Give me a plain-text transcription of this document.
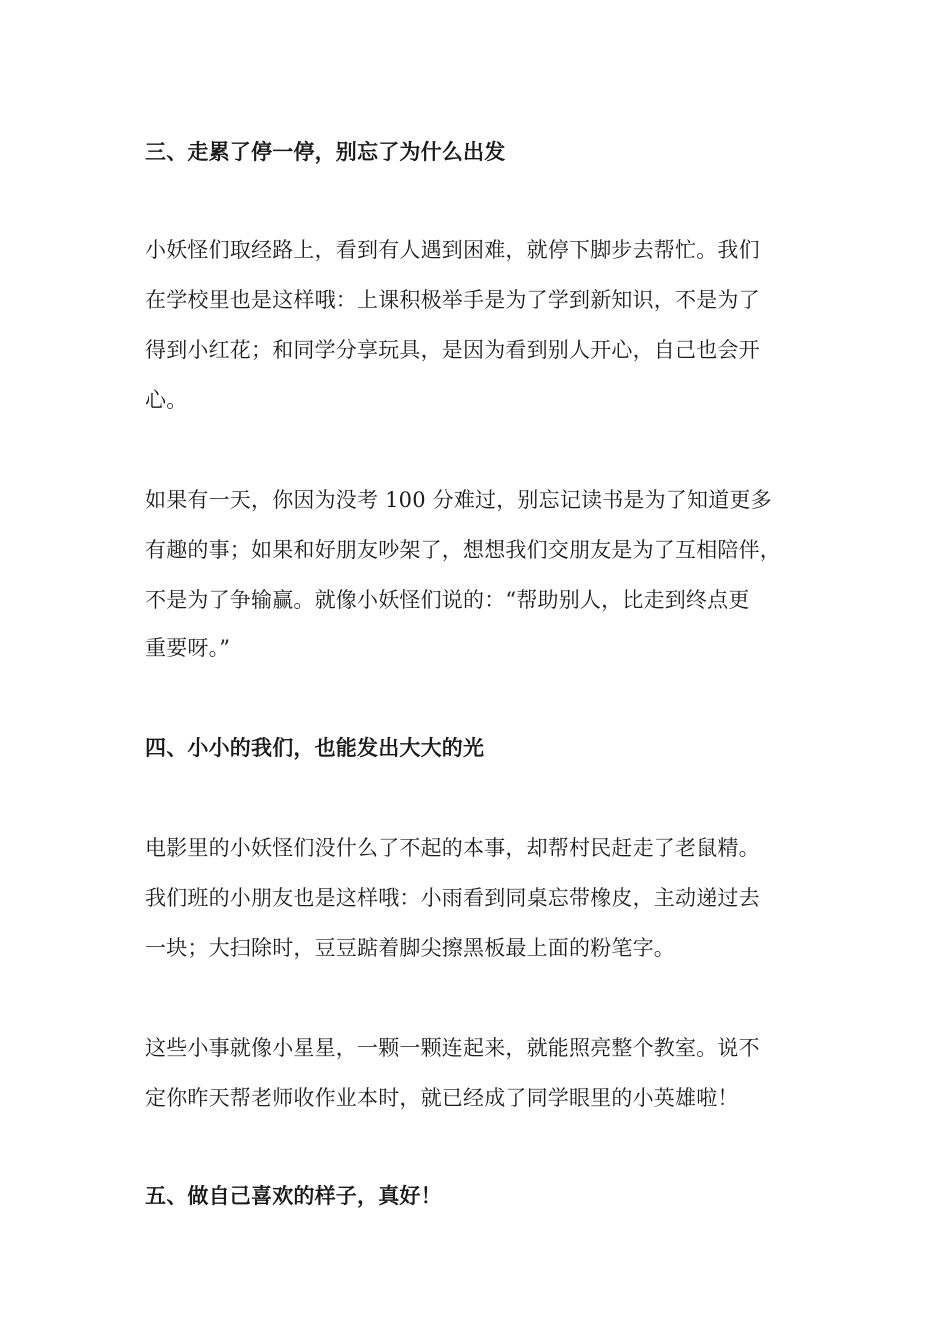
三、走累了停一停，别忘了为什么出发

小妖怪们取经路上，看到有人遇到困难，就停下脚步去帮忙。我们

在学校里也是这样哦：上课积极举手是为了学到新知识，不是为了

得到小红花；和同学分享玩具，是因为看到别人开心，自己也会开

心。

如果有一天，你因为没考 100 分难过，别忘记读书是为了知道更多

有趣的事；如果和好朋友吵架了，想想我们交朋友是为了互相陪伴，

不是为了争输赢。就像小妖怪们说的：“帮助别人，比走到终点更

重要呀。”

四、小小的我们，也能发出大大的光

电影里的小妖怪们没什么了不起的本事，却帮村民赶走了老鼠精。

我们班的小朋友也是这样哦：小雨看到同桌忘带橡皮，主动递过去

一块；大扫除时，豆豆踮着脚尖擦黑板最上面的粉笔字。

这些小事就像小星星，一颗一颗连起来，就能照亮整个教室。说不

定你昨天帮老师收作业本时，就已经成了同学眼里的小英雄啦！

五、做自己喜欢的样子，真好！
